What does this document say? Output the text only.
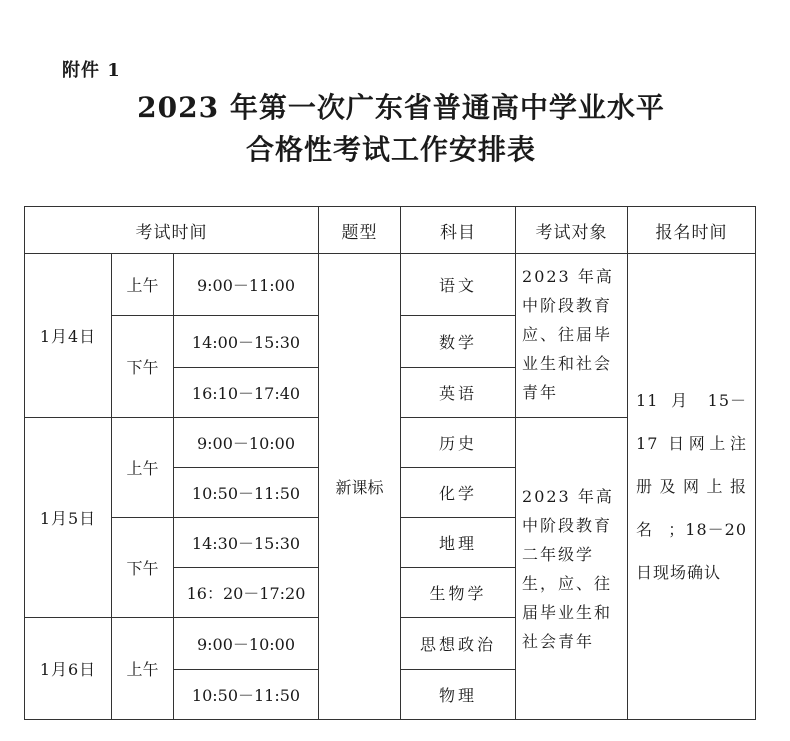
附件 1
2023 年第一次广东省普通高中学业水平
合格性考试工作安排表
考试时间			题型	科目	考试对象	报名时间
1月4日	上午	9:00－11:00	新课标	语文	2023 年高中阶段教育应、往届毕业生和社会青年	11 月 15－17 日网上注册及网上报名；18－20 日现场确认

	下午	14:00－15:30		数学		
		16:10－17:40		英语		
1月5日	上午	9:00－10:00		历史	2023 年高中阶段教育二年级学生，应、往届毕业生和社会青年	

		10:50－11:50		化学		
	下午	14:30－15:30		地理		
		16：20－17:20		生物学		
1月6日	上午	9:00－10:00		思想政治		
		10:50－11:50		物理		
